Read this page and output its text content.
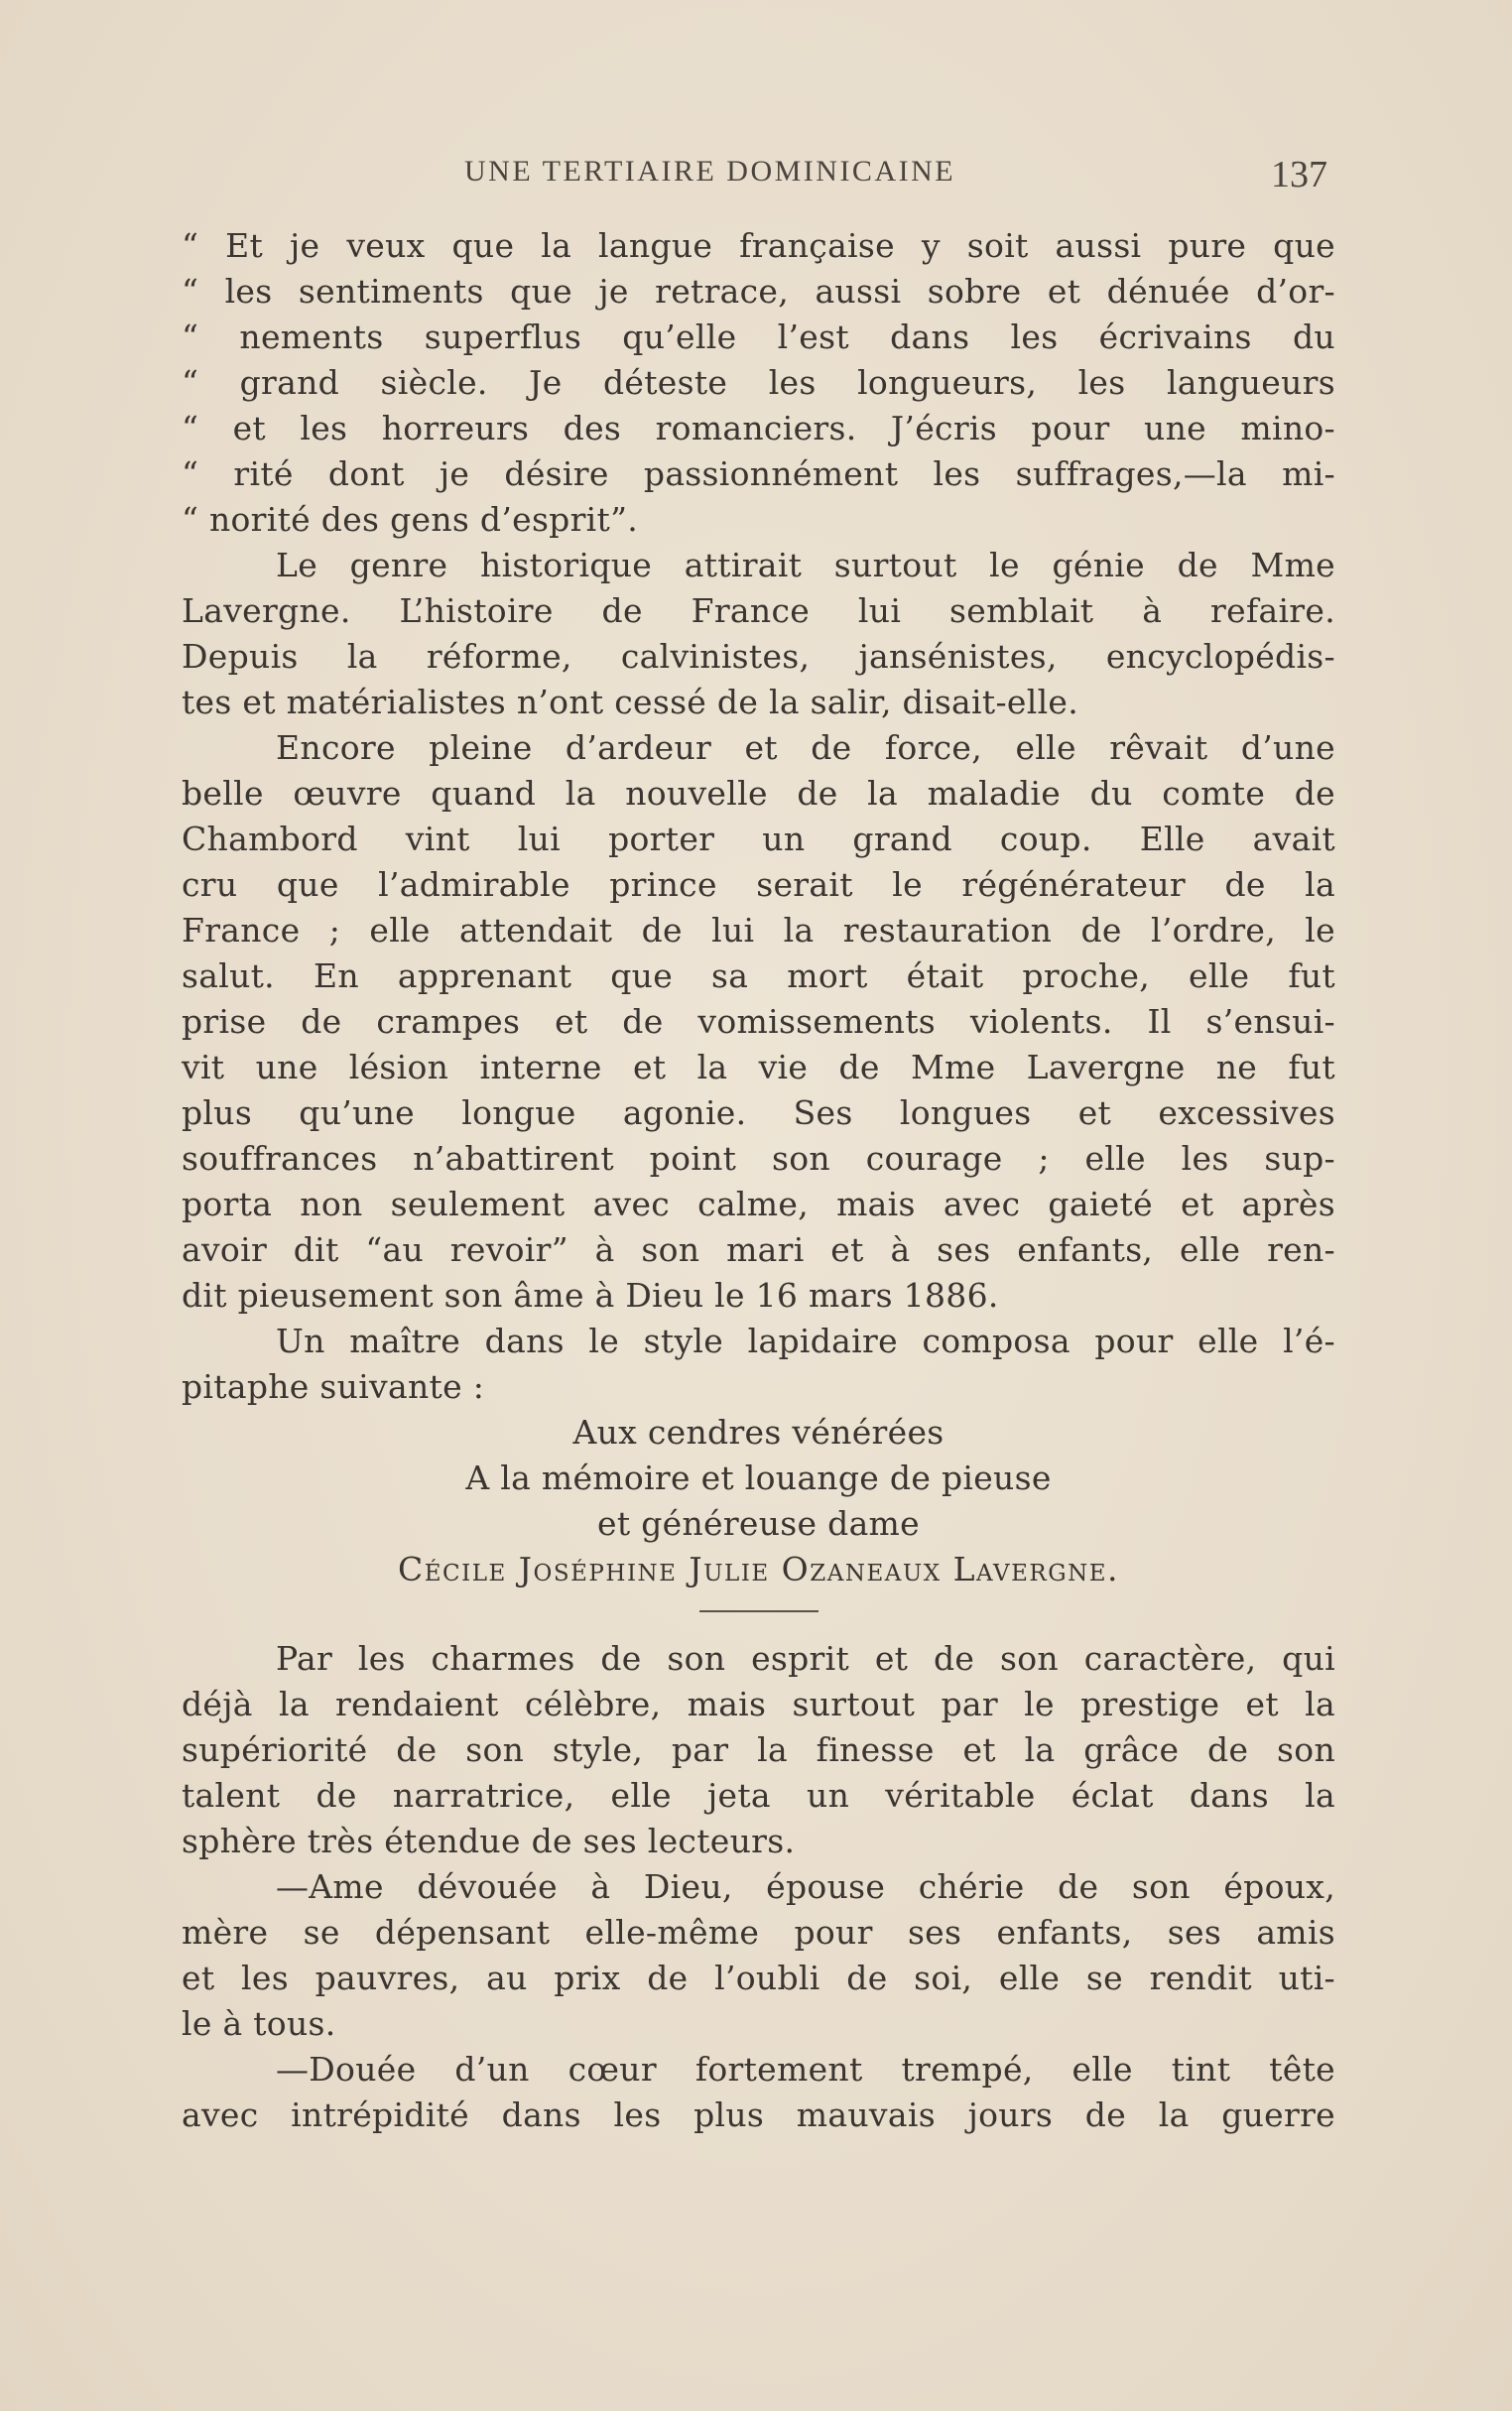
UNE TERTIAIRE DOMINICAINE	137
“ Et je veux que la langue française y soit aussi pure que
“ les sentiments que je retrace, aussi sobre et dénuée d’or-
“ nements superflus qu’elle l’est dans les écrivains du
“ grand siècle. Je déteste les longueurs, les langueurs
“ et les horreurs des romanciers. J’écris pour une mino-
“ rité dont je désire passionnément les suffrages,—la mi-
“ norité des gens d’esprit”.
Le genre historique attirait surtout le génie de Mme
Lavergne. L’histoire de France lui semblait à refaire.
Depuis la réforme, calvinistes, jansénistes, encyclopédis-
tes et matérialistes n’ont cessé de la salir, disait-elle.
Encore pleine d’ardeur et de force, elle rêvait d’une
belle œuvre quand la nouvelle de la maladie du comte de
Chambord vint lui porter un grand coup. Elle avait
cru que l’admirable prince serait le régénérateur de la
France ; elle attendait de lui la restauration de l’ordre, le
salut. En apprenant que sa mort était proche, elle fut
prise de crampes et de vomissements violents. Il s’ensui-
vit une lésion interne et la vie de Mme Lavergne ne fut
plus qu’une longue agonie. Ses longues et excessives
souffrances n’abattirent point son courage ; elle les sup-
porta non seulement avec calme, mais avec gaieté et après
avoir dit “au revoir” à son mari et à ses enfants, elle ren-
dit pieusement son âme à Dieu le 16 mars 1886.
Un maître dans le style lapidaire composa pour elle l’é-
pitaphe suivante :
Aux cendres vénérées
A la mémoire et louange de pieuse
et généreuse dame
Cécile Joséphine Julie Ozaneaux Lavergne.
Par les charmes de son esprit et de son caractère, qui
déjà la rendaient célèbre, mais surtout par le prestige et la
supériorité de son style, par la finesse et la grâce de son
talent de narratrice, elle jeta un véritable éclat dans la
sphère très étendue de ses lecteurs.
—Ame dévouée à Dieu, épouse chérie de son époux,
mère se dépensant elle-même pour ses enfants, ses amis
et les pauvres, au prix de l’oubli de soi, elle se rendit uti-
le à tous.
—Douée d’un cœur fortement trempé, elle tint tête
avec intrépidité dans les plus mauvais jours de la guerre
